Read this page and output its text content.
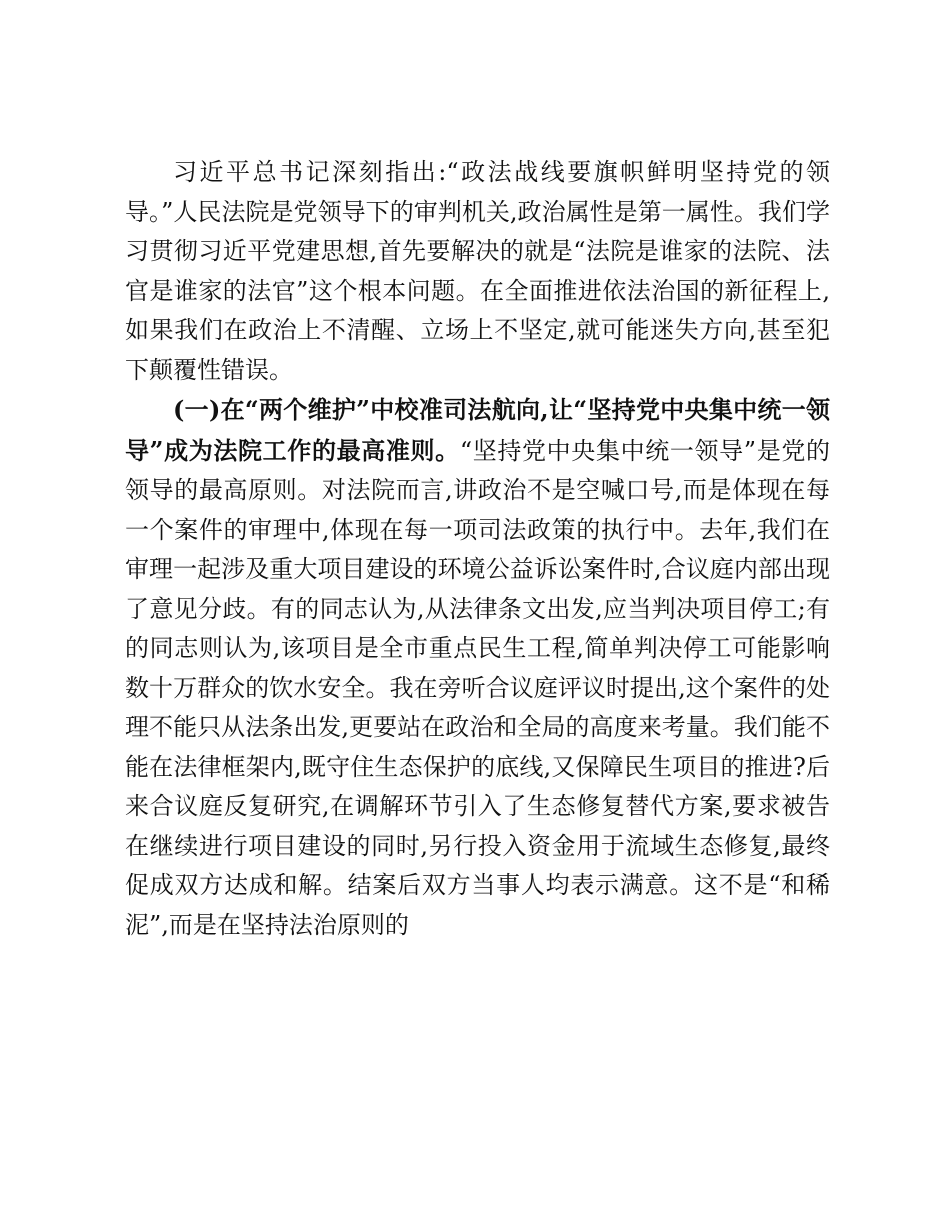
习近平总书记深刻指出:“政法战线要旗帜鲜明坚持党的领导。”人民法院是党领导下的审判机关,政治属性是第一属性。我们学习贯彻习近平党建思想,首先要解决的就是“法院是谁家的法院、法官是谁家的法官”这个根本问题。在全面推进依法治国的新征程上,如果我们在政治上不清醒、立场上不坚定,就可能迷失方向,甚至犯下颠覆性错误。

(一)在“两个维护”中校准司法航向,让“坚持党中央集中统一领导”成为法院工作的最高准则。“坚持党中央集中统一领导”是党的领导的最高原则。对法院而言,讲政治不是空喊口号,而是体现在每一个案件的审理中,体现在每一项司法政策的执行中。去年,我们在审理一起涉及重大项目建设的环境公益诉讼案件时,合议庭内部出现了意见分歧。有的同志认为,从法律条文出发,应当判决项目停工;有的同志则认为,该项目是全市重点民生工程,简单判决停工可能影响数十万群众的饮水安全。我在旁听合议庭评议时提出,这个案件的处理不能只从法条出发,更要站在政治和全局的高度来考量。我们能不能在法律框架内,既守住生态保护的底线,又保障民生项目的推进?后来合议庭反复研究,在调解环节引入了生态修复替代方案,要求被告在继续进行项目建设的同时,另行投入资金用于流域生态修复,最终促成双方达成和解。结案后双方当事人均表示满意。这不是“和稀泥”,而是在坚持法治原则的
